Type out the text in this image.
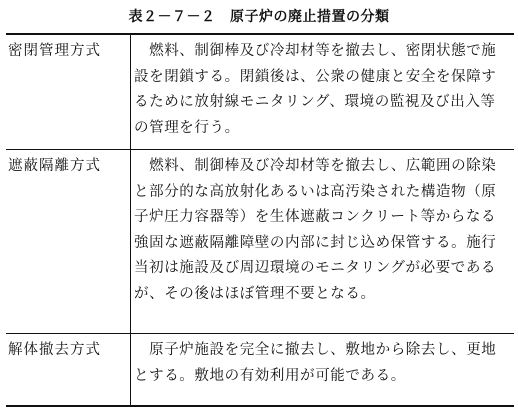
表２－７－２　原子炉の廃止措置の分類
密閉管理方式 　燃料、制御棒及び冷却材等を撤去し、密閉状態で施
設を閉鎖する。閉鎖後は、公衆の健康と安全を保障す
るために放射線モニタリング、環境の監視及び出入等
の管理を行う。
遮蔽隔離方式 　燃料、制御棒及び冷却材等を撤去し、広範囲の除染
と部分的な高放射化あるいは高汚染された構造物（原
子炉圧力容器等）を生体遮蔽コンクリート等からなる
強固な遮蔽隔離障壁の内部に封じ込め保管する。施行
当初は施設及び周辺環境のモニタリングが必要である
が、その後はほぼ管理不要となる。
解体撤去方式 　原子炉施設を完全に撤去し、敷地から除去し、更地
とする。敷地の有効利用が可能である。
